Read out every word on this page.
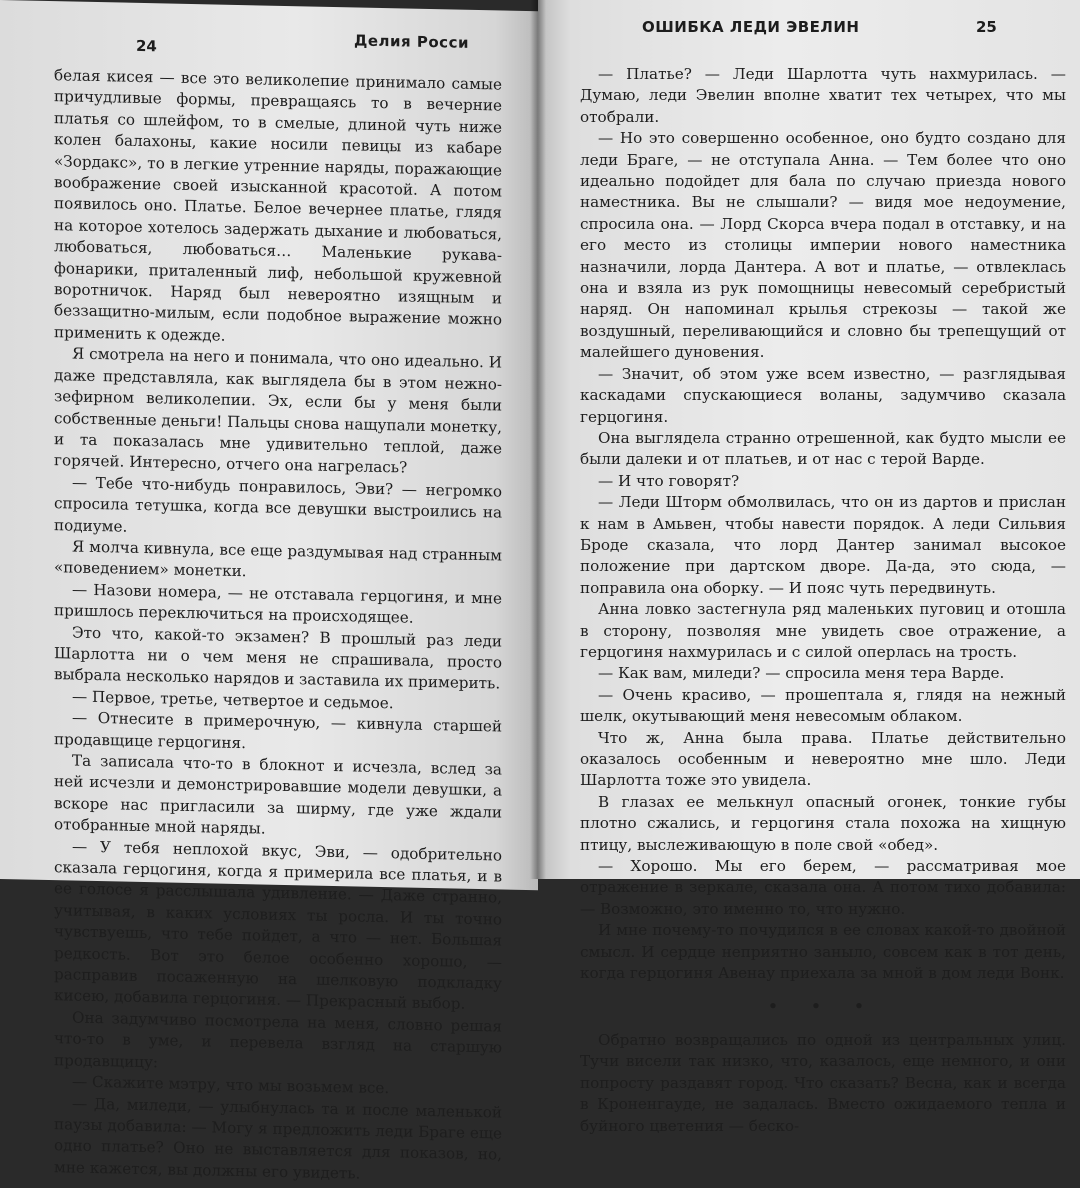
24	Делия Росси

белая кисея — все это великолепие принимало самые причудливые формы, превращаясь то в вечерние платья со шлейфом, то в смелые, длиной чуть ниже колен балахоны, какие носили певицы из кабаре «Зордакс», то в легкие утренние наряды, поражающие воображение своей изысканной красотой. А потом появилось оно. Платье. Белое вечернее платье, глядя на которое хотелось задержать дыхание и любоваться, любоваться, любоваться… Маленькие рукава-фонарики, приталенный лиф, небольшой кружевной воротничок. Наряд был невероятно изящным и беззащитно-милым, если подобное выражение можно применить к одежде.

Я смотрела на него и понимала, что оно идеально. И даже представляла, как выглядела бы в этом нежно-зефирном великолепии. Эх, если бы у меня были собственные деньги! Пальцы снова нащупали монетку, и та показалась мне удивительно теплой, даже горячей. Интересно, отчего она нагрелась?

— Тебе что-нибудь понравилось, Эви? — негромко спросила тетушка, когда все девушки выстроились на подиуме.

Я молча кивнула, все еще раздумывая над странным «поведением» монетки.

— Назови номера, — не отставала герцогиня, и мне пришлось переключиться на происходящее.

Это что, какой-то экзамен? В прошлый раз леди Шарлотта ни о чем меня не спрашивала, просто выбрала несколько нарядов и заставила их примерить.

— Первое, третье, четвертое и седьмое.

— Отнесите в примерочную, — кивнула старшей продавщице герцогиня.

Та записала что-то в блокнот и исчезла, вслед за ней исчезли и демонстрировавшие модели девушки, а вскоре нас пригласили за ширму, где уже ждали отобранные мной наряды.

— У тебя неплохой вкус, Эви, — одобрительно сказала герцогиня, когда я примерила все платья, и в ее голосе я расслышала удивление. — Даже странно, учитывая, в каких условиях ты росла. И ты точно чувствуешь, что тебе пойдет, а что — нет. Большая редкость. Вот это белое особенно хорошо, — расправив посаженную на шелковую подкладку кисею, добавила герцогиня. — Прекрасный выбор.

Она задумчиво посмотрела на меня, словно решая что-то в уме, и перевела взгляд на старшую продавщицу:

— Скажите мэтру, что мы возьмем все.

— Да, миледи, — улыбнулась та и после маленькой паузы добавила: — Могу я предложить леди Браге еще одно платье? Оно не выставляется для показов, но, мне кажется, вы должны его увидеть.

ОШИБКА ЛЕДИ ЭВЕЛИН	25

— Платье? — Леди Шарлотта чуть нахмурилась. — Думаю, леди Эвелин вполне хватит тех четырех, что мы отобрали.

— Но это совершенно особенное, оно будто создано для леди Браге, — не отступала Анна. — Тем более что оно идеально подойдет для бала по случаю приезда нового наместника. Вы не слышали? — видя мое недоумение, спросила она. — Лорд Скорса вчера подал в отставку, и на его место из столицы империи нового наместника назначили, лорда Дантера. А вот и платье, — отвлеклась она и взяла из рук помощницы невесомый серебристый наряд. Он напоминал крылья стрекозы — такой же воздушный, переливающийся и словно бы трепещущий от малейшего дуновения.

— Значит, об этом уже всем известно, — разглядывая каскадами спускающиеся воланы, задумчиво сказала герцогиня.

Она выглядела странно отрешенной, как будто мысли ее были далеки и от платьев, и от нас с терой Варде.

— И что говорят?

— Леди Шторм обмолвилась, что он из дартов и прислан к нам в Амьвен, чтобы навести порядок. А леди Сильвия Броде сказала, что лорд Дантер занимал высокое положение при дартском дворе. Да-да, это сюда, — поправила она оборку. — И пояс чуть передвинуть.

Анна ловко застегнула ряд маленьких пуговиц и отошла в сторону, позволяя мне увидеть свое отражение, а герцогиня нахмурилась и с силой оперлась на трость.

— Как вам, миледи? — спросила меня тера Варде.

— Очень красиво, — прошептала я, глядя на нежный шелк, окутывающий меня невесомым облаком.

Что ж, Анна была права. Платье действительно оказалось особенным и невероятно мне шло. Леди Шарлотта тоже это увидела.

В глазах ее мелькнул опасный огонек, тонкие губы плотно сжались, и герцогиня стала похожа на хищную птицу, выслеживающую в поле свой «обед».

— Хорошо. Мы его берем, — рассматривая мое отражение в зеркале, сказала она. А потом тихо добавила: — Возможно, это именно то, что нужно.

И мне почему-то почудился в ее словах какой-то двойной смысл. И сердце неприятно заныло, совсем как в тот день, когда герцогиня Авенау приехала за мной в дом леди Вонк.

• • •

Обратно возвращались по одной из центральных улиц. Тучи висели так низко, что, казалось, еще немного, и они попросту раздавят город. Что сказать? Весна, как и всегда в Кроненгауде, не задалась. Вместо ожидаемого тепла и буйного цветения — беско-
